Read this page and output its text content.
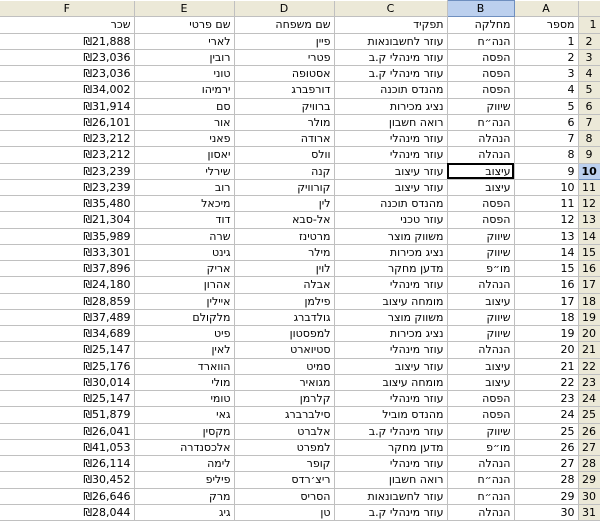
F	E	D	C	B	A	
שכר	שם פרטי	שם משפחה	תפקיד	מחלקה	מספר	1
₪21,888	לארי	פיין	עוזר לחשבונאות	הנה״ח	1	2
₪23,036	רובין	פטרי	עוזר מינהלי ק.ב	הפסה	2	3
₪23,036	טוני	אסטופה	עוזר מינהלי ק.ב	הפסה	3	4
₪34,002	ירמיהו	דורפברג	מהנדס תוכנה	הפסה	4	5
₪31,914	סם	ברוויק	נציג מכירות	שיווק	5	6
₪26,101	אור	מולר	רואה חשבון	הנה״ח	6	7
₪23,212	פאני	ארודה	עוזר מינהלי	הנהלה	7	8
₪23,212	יאסון	וולס	עוזר מינהלי	הנהלה	8	9
₪23,239	שירלי	קנה	עוזר עיצוב	עיצוב	9	10
₪23,239	רוב	קורוויק	עוזר עיצוב	עיצוב	10	11
₪35,480	מיכאל	לין	מהנדס תוכנה	הפסה	11	12
₪21,304	דוד	אל-סבא	עוזר טכני	הפסה	12	13
₪35,989	שרה	מרטינז	משווק מוצר	שיווק	13	14
₪33,301	גינט	מילר	נציג מכירות	שיווק	14	15
₪37,896	אריק	לוין	מדען מחקר	מו״פ	15	16
₪24,180	אהרון	אבלה	עוזר מינהלי	הנהלה	16	17
₪28,859	איילין	פילמן	מומחה עיצוב	עיצוב	17	18
₪37,489	מלקולם	גולדברג	משווק מוצר	שיווק	18	19
₪34,689	פיט	למפסטון	נציג מכירות	שיווק	19	20
₪25,147	לאין	סטיוארט	עוזר מינהלי	הנהלה	20	21
₪25,176	הווארד	סמיט	עוזר עיצוב	עיצוב	21	22
₪30,014	מולי	מגואיר	מומחה עיצוב	עיצוב	22	23
₪25,147	טומי	קלרמן	עוזר מינהלי	הפסה	23	24
₪51,879	גאי	סילברברג	מהנדס מוביל	הפסה	24	25
₪26,041	מקסין	אלברט	עוזר מינהלי ק.ב	שיווק	25	26
₪41,053	אלכסנדרה	למפרט	מדען מחקר	מו״פ	26	27
₪26,114	לימה	קופר	עוזר מינהלי	הנהלה	27	28
₪30,452	פיליפ	ריצ׳רדס	רואה חשבון	הנה״ח	28	29
₪26,646	מרק	הסריס	עוזר לחשבונאות	הנה״ח	29	30
₪28,044	גיג	טן	עוזר מינהלי ק.ב	הנהלה	30	31
